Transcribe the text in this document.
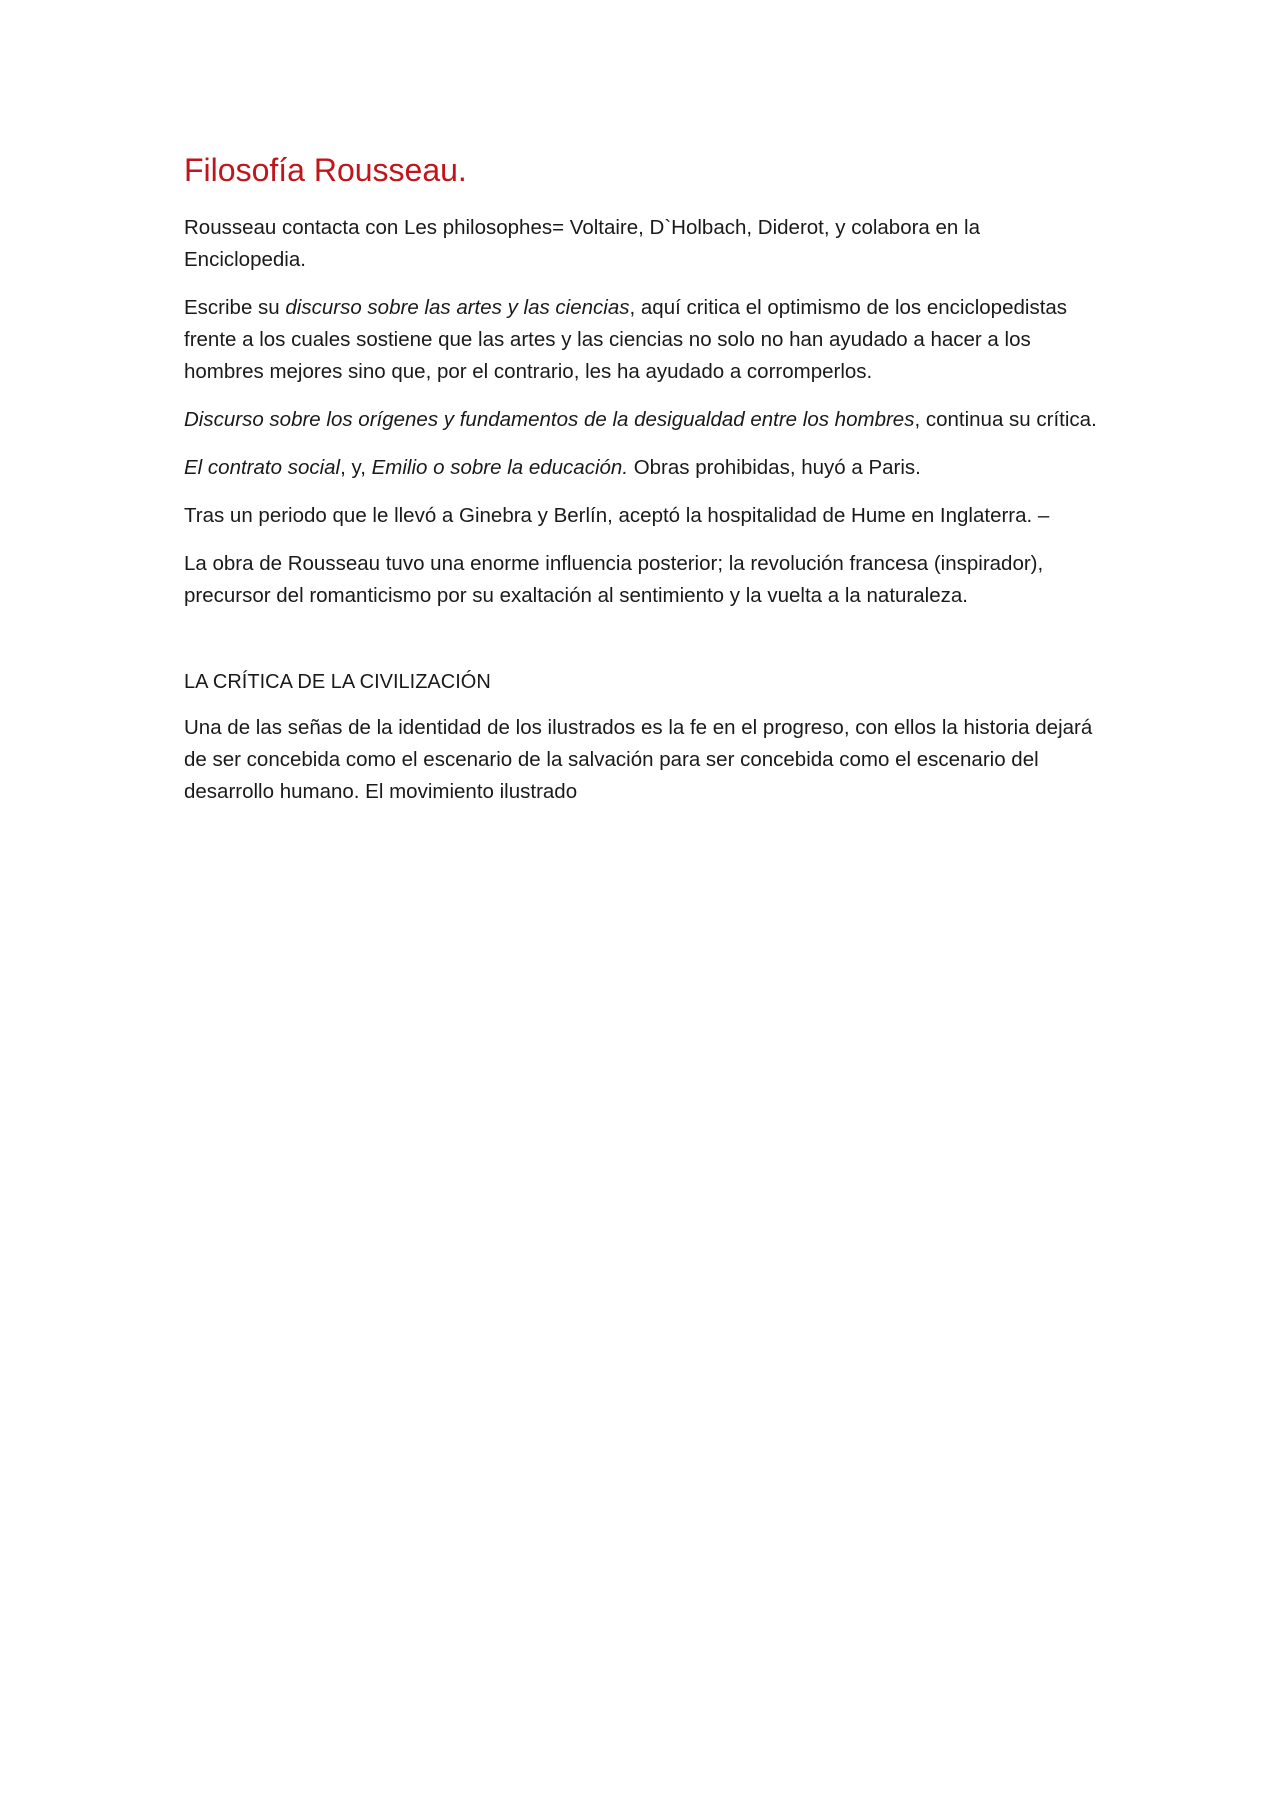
Filosofía Rousseau.

Rousseau contacta con Les philosophes= Voltaire, D`Holbach, Diderot, y colabora en la Enciclopedia.

Escribe su discurso sobre las artes y las ciencias, aquí critica el optimismo de los enciclopedistas frente a los cuales sostiene que las artes y las ciencias no solo no han ayudado a hacer a los hombres mejores sino que, por el contrario, les ha ayudado a corromperlos.

Discurso sobre los orígenes y fundamentos de la desigualdad entre los hombres, continua su crítica.

El contrato social, y, Emilio o sobre la educación. Obras prohibidas, huyó a Paris.

Tras un periodo que le llevó a Ginebra y Berlín, aceptó la hospitalidad de Hume en Inglaterra. –

La obra de Rousseau tuvo una enorme influencia posterior; la revolución francesa (inspirador), precursor del romanticismo por su exaltación al sentimiento y la vuelta a la naturaleza.

LA CRÍTICA DE LA CIVILIZACIÓN

Una de las señas de la identidad de los ilustrados es la fe en el progreso, con ellos la historia dejará de ser concebida como el escenario de la salvación para ser concebida como el escenario del desarrollo humano. El movimiento ilustrado
